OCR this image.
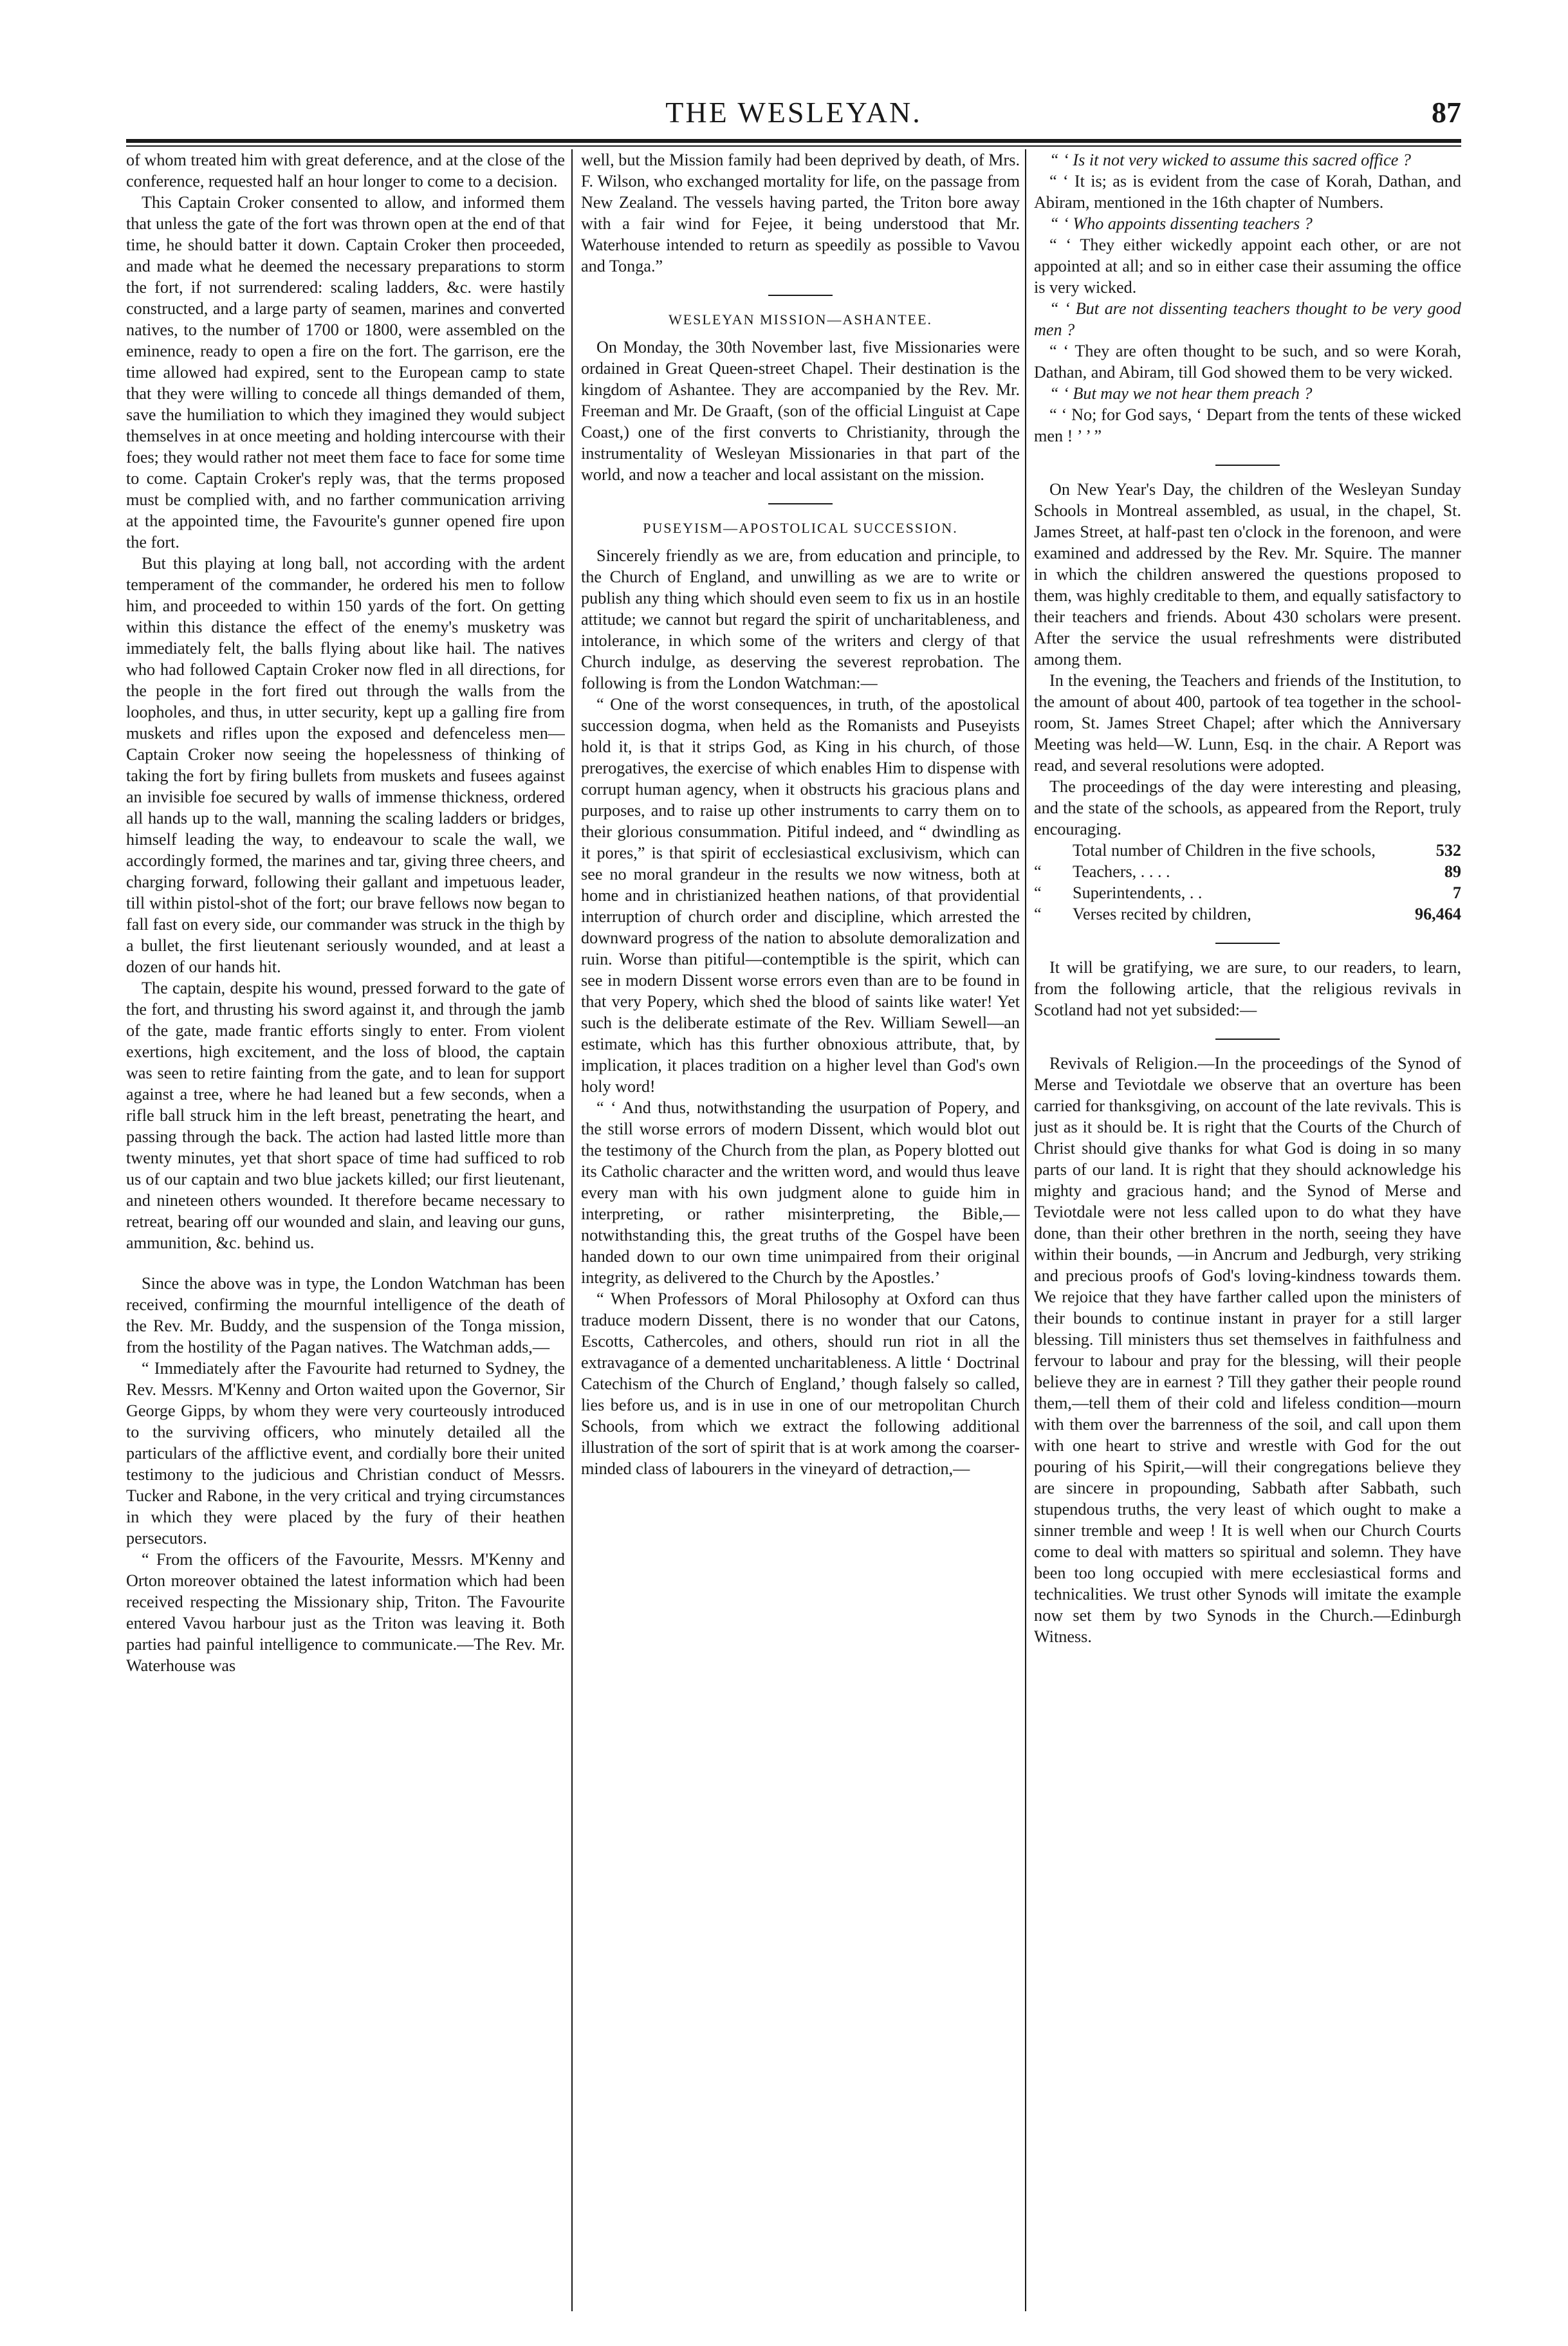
THE WESLEYAN.	87

of whom treated him with great deference, and at the close of the conference, requested half an hour longer to come to a decision.

This Captain Croker consented to allow, and informed them that unless the gate of the fort was thrown open at the end of that time, he should batter it down. Captain Croker then proceeded, and made what he deemed the necessary preparations to storm the fort, if not surrendered: scaling ladders, &c. were hastily constructed, and a large party of seamen, marines and converted natives, to the number of 1700 or 1800, were assembled on the eminence, ready to open a fire on the fort. The garrison, ere the time allowed had expired, sent to the European camp to state that they were willing to concede all things demanded of them, save the humiliation to which they imagined they would subject themselves in at once meeting and holding intercourse with their foes; they would rather not meet them face to face for some time to come. Captain Croker's reply was, that the terms proposed must be complied with, and no farther communication arriving at the appointed time, the Favourite's gunner opened fire upon the fort.

But this playing at long ball, not according with the ardent temperament of the commander, he ordered his men to follow him, and proceeded to within 150 yards of the fort. On getting within this distance the effect of the enemy's musketry was immediately felt, the balls flying about like hail. The natives who had followed Captain Croker now fled in all directions, for the people in the fort fired out through the walls from the loopholes, and thus, in utter security, kept up a galling fire from muskets and rifles upon the exposed and defenceless men—Captain Croker now seeing the hopelessness of thinking of taking the fort by firing bullets from muskets and fusees against an invisible foe secured by walls of immense thickness, ordered all hands up to the wall, manning the scaling ladders or bridges, himself leading the way, to endeavour to scale the wall, we accordingly formed, the marines and tar, giving three cheers, and charging forward, following their gallant and impetuous leader, till within pistol-shot of the fort; our brave fellows now began to fall fast on every side, our commander was struck in the thigh by a bullet, the first lieutenant seriously wounded, and at least a dozen of our hands hit.

The captain, despite his wound, pressed forward to the gate of the fort, and thrusting his sword against it, and through the jamb of the gate, made frantic efforts singly to enter. From violent exertions, high excitement, and the loss of blood, the captain was seen to retire fainting from the gate, and to lean for support against a tree, where he had leaned but a few seconds, when a rifle ball struck him in the left breast, penetrating the heart, and passing through the back. The action had lasted little more than twenty minutes, yet that short space of time had sufficed to rob us of our captain and two blue jackets killed; our first lieutenant, and nineteen others wounded. It therefore became necessary to retreat, bearing off our wounded and slain, and leaving our guns, ammunition, &c. behind us.

Since the above was in type, the London Watchman has been received, confirming the mournful intelligence of the death of the Rev. Mr. Buddy, and the suspension of the Tonga mission, from the hostility of the Pagan natives. The Watchman adds,—

“ Immediately after the Favourite had returned to Sydney, the Rev. Messrs. M'Kenny and Orton waited upon the Governor, Sir George Gipps, by whom they were very courteously introduced to the surviving officers, who minutely detailed all the particulars of the afflictive event, and cordially bore their united testimony to the judicious and Christian conduct of Messrs. Tucker and Rabone, in the very critical and trying circumstances in which they were placed by the fury of their heathen persecutors.

“ From the officers of the Favourite, Messrs. M'Kenny and Orton moreover obtained the latest information which had been received respecting the Missionary ship, Triton. The Favourite entered Vavou harbour just as the Triton was leaving it. Both parties had painful intelligence to communicate.—The Rev. Mr. Waterhouse was

well, but the Mission family had been deprived by death, of Mrs. F. Wilson, who exchanged mortality for life, on the passage from New Zealand. The vessels having parted, the Triton bore away with a fair wind for Fejee, it being understood that Mr. Waterhouse intended to return as speedily as possible to Vavou and Tonga.”

WESLEYAN MISSION—ASHANTEE.

On Monday, the 30th November last, five Missionaries were ordained in Great Queen-street Chapel. Their destination is the kingdom of Ashantee. They are accompanied by the Rev. Mr. Freeman and Mr. De Graaft, (son of the official Linguist at Cape Coast,) one of the first converts to Christianity, through the instrumentality of Wesleyan Missionaries in that part of the world, and now a teacher and local assistant on the mission.

PUSEYISM—APOSTOLICAL SUCCESSION.

Sincerely friendly as we are, from education and principle, to the Church of England, and unwilling as we are to write or publish any thing which should even seem to fix us in an hostile attitude; we cannot but regard the spirit of uncharitableness, and intolerance, in which some of the writers and clergy of that Church indulge, as deserving the severest reprobation. The following is from the London Watchman:—

“ One of the worst consequences, in truth, of the apostolical succession dogma, when held as the Romanists and Puseyists hold it, is that it strips God, as King in his church, of those prerogatives, the exercise of which enables Him to dispense with corrupt human agency, when it obstructs his gracious plans and purposes, and to raise up other instruments to carry them on to their glorious consummation. Pitiful indeed, and “ dwindling as it pores,” is that spirit of ecclesiastical exclusivism, which can see no moral grandeur in the results we now witness, both at home and in christianized heathen nations, of that providential interruption of church order and discipline, which arrested the downward progress of the nation to absolute demoralization and ruin. Worse than pitiful—contemptible is the spirit, which can see in modern Dissent worse errors even than are to be found in that very Popery, which shed the blood of saints like water! Yet such is the deliberate estimate of the Rev. William Sewell—an estimate, which has this further obnoxious attribute, that, by implication, it places tradition on a higher level than God's own holy word!

“ ‘ And thus, notwithstanding the usurpation of Popery, and the still worse errors of modern Dissent, which would blot out the testimony of the Church from the plan, as Popery blotted out its Catholic character and the written word, and would thus leave every man with his own judgment alone to guide him in interpreting, or rather misinterpreting, the Bible,—notwithstanding this, the great truths of the Gospel have been handed down to our own time unimpaired from their original integrity, as delivered to the Church by the Apostles.’

“ When Professors of Moral Philosophy at Oxford can thus traduce modern Dissent, there is no wonder that our Catons, Escotts, Cathercoles, and others, should run riot in all the extravagance of a demented uncharitableness. A little ‘ Doctrinal Catechism of the Church of England,’ though falsely so called, lies before us, and is in use in one of our metropolitan Church Schools, from which we extract the following additional illustration of the sort of spirit that is at work among the coarser-minded class of labourers in the vineyard of detraction,—

“ ‘ Is it not very wicked to assume this sacred office ?

“ ‘ It is; as is evident from the case of Korah, Dathan, and Abiram, mentioned in the 16th chapter of Numbers.

“ ‘ Who appoints dissenting teachers ?

“ ‘ They either wickedly appoint each other, or are not appointed at all; and so in either case their assuming the office is very wicked.

“ ‘ But are not dissenting teachers thought to be very good men ?

“ ‘ They are often thought to be such, and so were Korah, Dathan, and Abiram, till God showed them to be very wicked.

“ ‘ But may we not hear them preach ?

“ ‘ No; for God says, ‘ Depart from the tents of these wicked men ! ’ ’ ”

On New Year's Day, the children of the Wesleyan Sunday Schools in Montreal assembled, as usual, in the chapel, St. James Street, at half-past ten o'clock in the forenoon, and were examined and addressed by the Rev. Mr. Squire. The manner in which the children answered the questions proposed to them, was highly creditable to them, and equally satisfactory to their teachers and friends. About 430 scholars were present. After the service the usual refreshments were distributed among them.

In the evening, the Teachers and friends of the Institution, to the amount of about 400, partook of tea together in the school-room, St. James Street Chapel; after which the Anniversary Meeting was held—W. Lunn, Esq. in the chair. A Report was read, and several resolutions were adopted.

The proceedings of the day were interesting and pleasing, and the state of the schools, as appeared from the Report, truly encouraging.

	Total number of Children in the five schools,	532
“	Teachers, . . . .	89
“	Superintendents, . .	7
“	Verses recited by children,	96,464

It will be gratifying, we are sure, to our readers, to learn, from the following article, that the religious revivals in Scotland had not yet subsided:—

Revivals of Religion.—In the proceedings of the Synod of Merse and Teviotdale we observe that an overture has been carried for thanksgiving, on account of the late revivals. This is just as it should be. It is right that the Courts of the Church of Christ should give thanks for what God is doing in so many parts of our land. It is right that they should acknowledge his mighty and gracious hand; and the Synod of Merse and Teviotdale were not less called upon to do what they have done, than their other brethren in the north, seeing they have within their bounds, —in Ancrum and Jedburgh, very striking and precious proofs of God's loving-kindness towards them. We rejoice that they have farther called upon the ministers of their bounds to continue instant in prayer for a still larger blessing. Till ministers thus set themselves in faithfulness and fervour to labour and pray for the blessing, will their people believe they are in earnest ? Till they gather their people round them,—tell them of their cold and lifeless condition—mourn with them over the barrenness of the soil, and call upon them with one heart to strive and wrestle with God for the out pouring of his Spirit,—will their congregations believe they are sincere in propounding, Sabbath after Sabbath, such stupendous truths, the very least of which ought to make a sinner tremble and weep ! It is well when our Church Courts come to deal with matters so spiritual and solemn. They have been too long occupied with mere ecclesiastical forms and technicalities. We trust other Synods will imitate the example now set them by two Synods in the Church.—Edinburgh Witness.
